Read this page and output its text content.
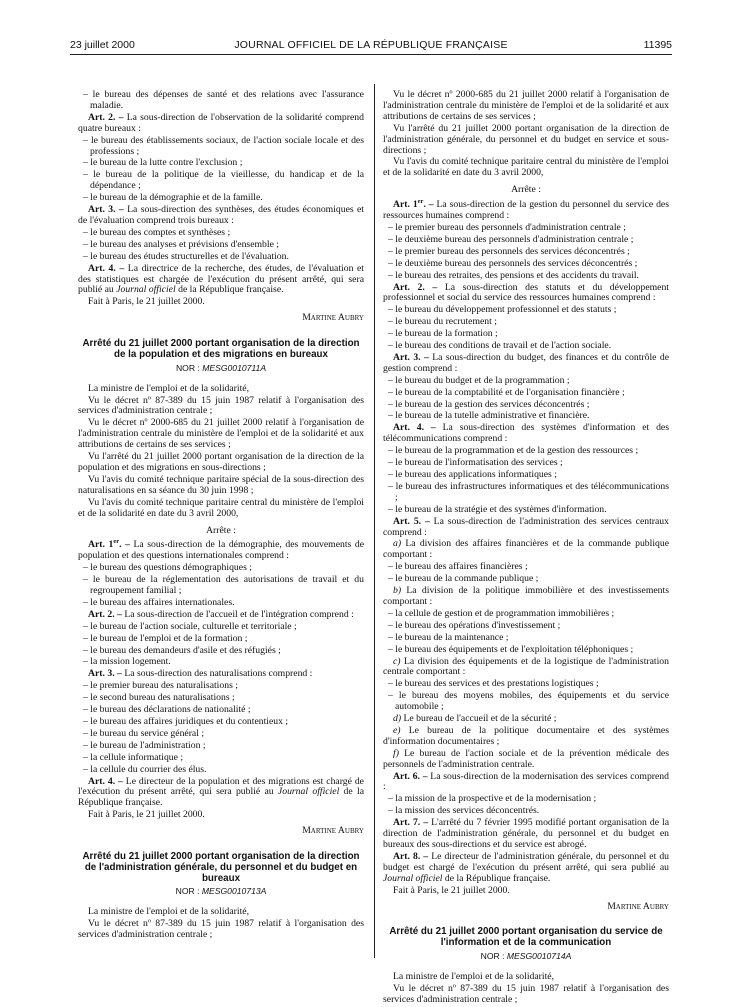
23 juillet 2000	JOURNAL OFFICIEL DE LA RÉPUBLIQUE FRANÇAISE	11395

– le bureau des dépenses de santé et des relations avec l'assurance maladie.

Art. 2. – La sous-direction de l'observation de la solidarité comprend quatre bureaux :

– le bureau des établissements sociaux, de l'action sociale locale et des professions ;

– le bureau de la lutte contre l'exclusion ;

– le bureau de la politique de la vieillesse, du handicap et de la dépendance ;

– le bureau de la démographie et de la famille.

Art. 3. – La sous-direction des synthèses, des études économiques et de l'évaluation comprend trois bureaux :

– le bureau des comptes et synthèses ;

– le bureau des analyses et prévisions d'ensemble ;

– le bureau des études structurelles et de l'évaluation.

Art. 4. – La directrice de la recherche, des études, de l'évaluation et des statistiques est chargée de l'exécution du présent arrêté, qui sera publié au Journal officiel de la République française.

Fait à Paris, le 21 juillet 2000.

Martine Aubry

Arrêté du 21 juillet 2000 portant organisation de la direction de la population et des migrations en bureaux
NOR : MESG0010711A

La ministre de l'emploi et de la solidarité,

Vu le décret nº 87-389 du 15 juin 1987 relatif à l'organisation des services d'administration centrale ;

Vu le décret nº 2000-685 du 21 juillet 2000 relatif à l'organisation de l'administration centrale du ministère de l'emploi et de la solidarité et aux attributions de certains de ses services ;

Vu l'arrêté du 21 juillet 2000 portant organisation de la direction de la population et des migrations en sous-directions ;

Vu l'avis du comité technique paritaire spécial de la sous-direction des naturalisations en sa séance du 30 juin 1998 ;

Vu l'avis du comité technique paritaire central du ministère de l'emploi et de la solidarité en date du 3 avril 2000,

Arrête :

Art. 1er. – La sous-direction de la démographie, des mouvements de population et des questions internationales comprend :

– le bureau des questions démographiques ;

– le bureau de la réglementation des autorisations de travail et du regroupement familial ;

– le bureau des affaires internationales.

Art. 2. – La sous-direction de l'accueil et de l'intégration comprend :

– le bureau de l'action sociale, culturelle et territoriale ;

– le bureau de l'emploi et de la formation ;

– le bureau des demandeurs d'asile et des réfugiés ;

– la mission logement.

Art. 3. – La sous-direction des naturalisations comprend :

– le premier bureau des naturalisations ;

– le second bureau des naturalisations ;

– le bureau des déclarations de nationalité ;

– le bureau des affaires juridiques et du contentieux ;

– le bureau du service général ;

– le bureau de l'administration ;

– la cellule informatique ;

– la cellule du courrier des élus.

Art. 4. – Le directeur de la population et des migrations est chargé de l'exécution du présent arrêté, qui sera publié au Journal officiel de la République française.

Fait à Paris, le 21 juillet 2000.

Martine Aubry

Arrêté du 21 juillet 2000 portant organisation de la direction de l'administration générale, du personnel et du budget en bureaux
NOR : MESG0010713A

La ministre de l'emploi et de la solidarité,

Vu le décret nº 87-389 du 15 juin 1987 relatif à l'organisation des services d'administration centrale ;

Vu le décret nº 2000-685 du 21 juillet 2000 relatif à l'organisation de l'administration centrale du ministère de l'emploi et de la solidarité et aux attributions de certains de ses services ;

Vu l'arrêté du 21 juillet 2000 portant organisation de la direction de l'administration générale, du personnel et du budget en service et sous-directions ;

Vu l'avis du comité technique paritaire central du ministère de l'emploi et de la solidarité en date du 3 avril 2000,

Arrête :

Art. 1er. – La sous-direction de la gestion du personnel du service des ressources humaines comprend :

– le premier bureau des personnels d'administration centrale ;

– le deuxième bureau des personnels d'administration centrale ;

– le premier bureau des personnels des services déconcentrés ;

– le deuxième bureau des personnels des services déconcentrés ;

– le bureau des retraites, des pensions et des accidents du travail.

Art. 2. – La sous-direction des statuts et du développement professionnel et social du service des ressources humaines comprend :

– le bureau du développement professionnel et des statuts ;

– le bureau du recrutement ;

– le bureau de la formation ;

– le bureau des conditions de travail et de l'action sociale.

Art. 3. – La sous-direction du budget, des finances et du contrôle de gestion comprend :

– le bureau du budget et de la programmation ;

– le bureau de la comptabilité et de l'organisation financière ;

– le bureau de la gestion des services déconcentrés ;

– le bureau de la tutelle administrative et financière.

Art. 4. – La sous-direction des systèmes d'information et des télécommunications comprend :

– le bureau de la programmation et de la gestion des ressources ;

– le bureau de l'informatisation des services ;

– le bureau des applications informatiques ;

– le bureau des infrastructures informatiques et des télécommunications ;

– le bureau de la stratégie et des systèmes d'information.

Art. 5. – La sous-direction de l'administration des services centraux comprend :

a) La division des affaires financières et de la commande publique comportant :

– le bureau des affaires financières ;

– le bureau de la commande publique ;

b) La division de la politique immobilière et des investissements comportant :

– la cellule de gestion et de programmation immobilières ;

– le bureau des opérations d'investissement ;

– le bureau de la maintenance ;

– le bureau des équipements et de l'exploitation téléphoniques ;

c) La division des équipements et de la logistique de l'administration centrale comportant :

– le bureau des services et des prestations logistiques ;

– le bureau des moyens mobiles, des équipements et du service automobile ;

d) Le bureau de l'accueil et de la sécurité ;

e) Le bureau de la politique documentaire et des systèmes d'information documentaires ;

f) Le bureau de l'action sociale et de la prévention médicale des personnels de l'administration centrale.

Art. 6. – La sous-direction de la modernisation des services comprend :

– la mission de la prospective et de la modernisation ;

– la mission des services déconcentrés.

Art. 7. – L'arrêté du 7 février 1995 modifié portant organisation de la direction de l'administration générale, du personnel et du budget en bureaux des sous-directions et du service est abrogé.

Art. 8. – Le directeur de l'administration générale, du personnel et du budget est chargé de l'exécution du présent arrêté, qui sera publié au Journal officiel de la République française.

Fait à Paris, le 21 juillet 2000.

Martine Aubry

Arrêté du 21 juillet 2000 portant organisation du service de l'information et de la communication
NOR : MESG0010714A

La ministre de l'emploi et de la solidarité,

Vu le décret nº 87-389 du 15 juin 1987 relatif à l'organisation des services d'administration centrale ;
